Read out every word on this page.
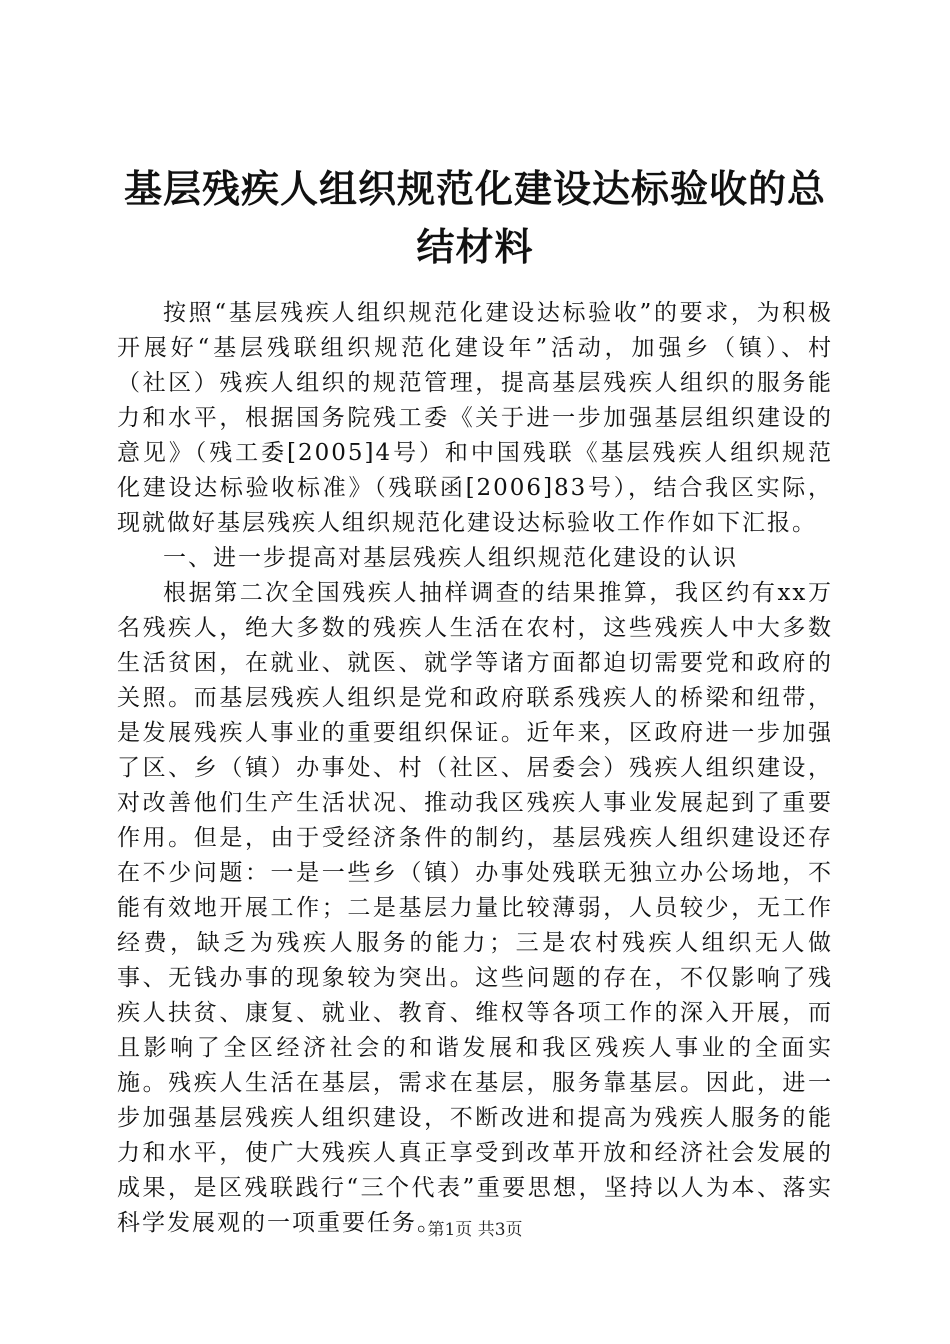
基层残疾人组织规范化建设达标验收的总结材料

按照“基层残疾人组织规范化建设达标验收”的要求，为积极开展好“基层残联组织规范化建设年”活动，加强乡（镇）、村（社区）残疾人组织的规范管理，提高基层残疾人组织的服务能力和水平，根据国务院残工委《关于进一步加强基层组织建设的意见》（残工委[2005]4号）和中国残联《基层残疾人组织规范化建设达标验收标准》（残联函[2006]83号），结合我区实际，现就做好基层残疾人组织规范化建设达标验收工作作如下汇报。

一、进一步提高对基层残疾人组织规范化建设的认识

根据第二次全国残疾人抽样调查的结果推算，我区约有xx万名残疾人，绝大多数的残疾人生活在农村，这些残疾人中大多数生活贫困，在就业、就医、就学等诸方面都迫切需要党和政府的关照。而基层残疾人组织是党和政府联系残疾人的桥梁和纽带，是发展残疾人事业的重要组织保证。近年来，区政府进一步加强了区、乡（镇）办事处、村（社区、居委会）残疾人组织建设，对改善他们生产生活状况、推动我区残疾人事业发展起到了重要作用。但是，由于受经济条件的制约，基层残疾人组织建设还存在不少问题：一是一些乡（镇）办事处残联无独立办公场地，不能有效地开展工作；二是基层力量比较薄弱，人员较少，无工作经费，缺乏为残疾人服务的能力；三是农村残疾人组织无人做事、无钱办事的现象较为突出。这些问题的存在，不仅影响了残疾人扶贫、康复、就业、教育、维权等各项工作的深入开展，而且影响了全区经济社会的和谐发展和我区残疾人事业的全面实施。残疾人生活在基层，需求在基层，服务靠基层。因此，进一步加强基层残疾人组织建设，不断改进和提高为残疾人服务的能力和水平，使广大残疾人真正享受到改革开放和经济社会发展的成果，是区残联践行“三个代表”重要思想，坚持以人为本、落实科学发展观的一项重要任务。

第1页 共3页
